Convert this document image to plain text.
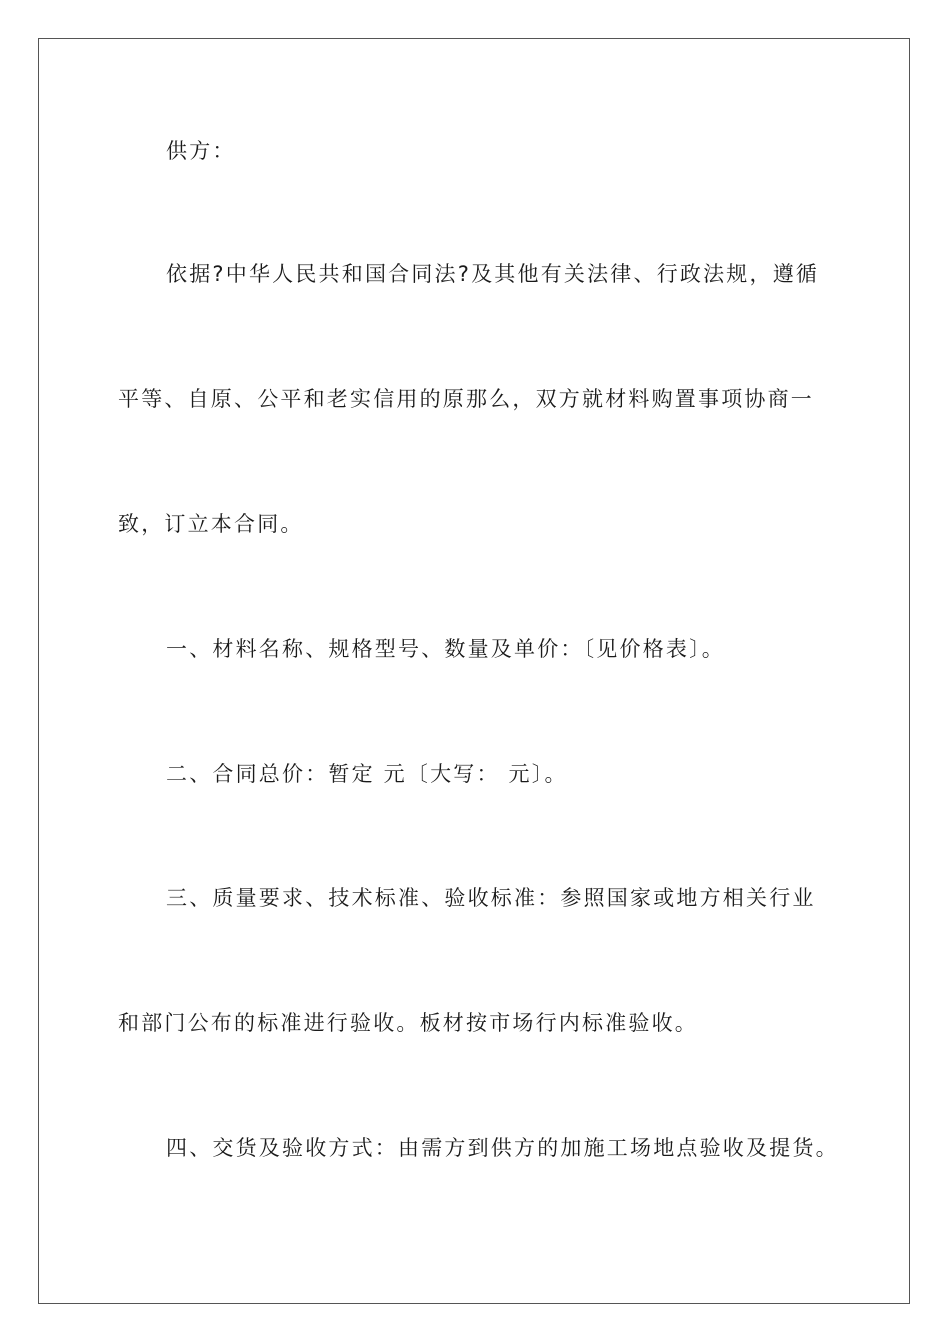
供方：

依据?中华人民共和国合同法?及其他有关法律、行政法规，遵循

平等、自原、公平和老实信用的原那么，双方就材料购置事项协商一

致，订立本合同。

一、材料名称、规格型号、数量及单价：〔见价格表〕。

二、合同总价：暂定 元〔大写： 元〕。

三、质量要求、技术标准、验收标准：参照国家或地方相关行业

和部门公布的标准进行验收。板材按市场行内标准验收。

四、交货及验收方式：由需方到供方的加施工场地点验收及提货。
